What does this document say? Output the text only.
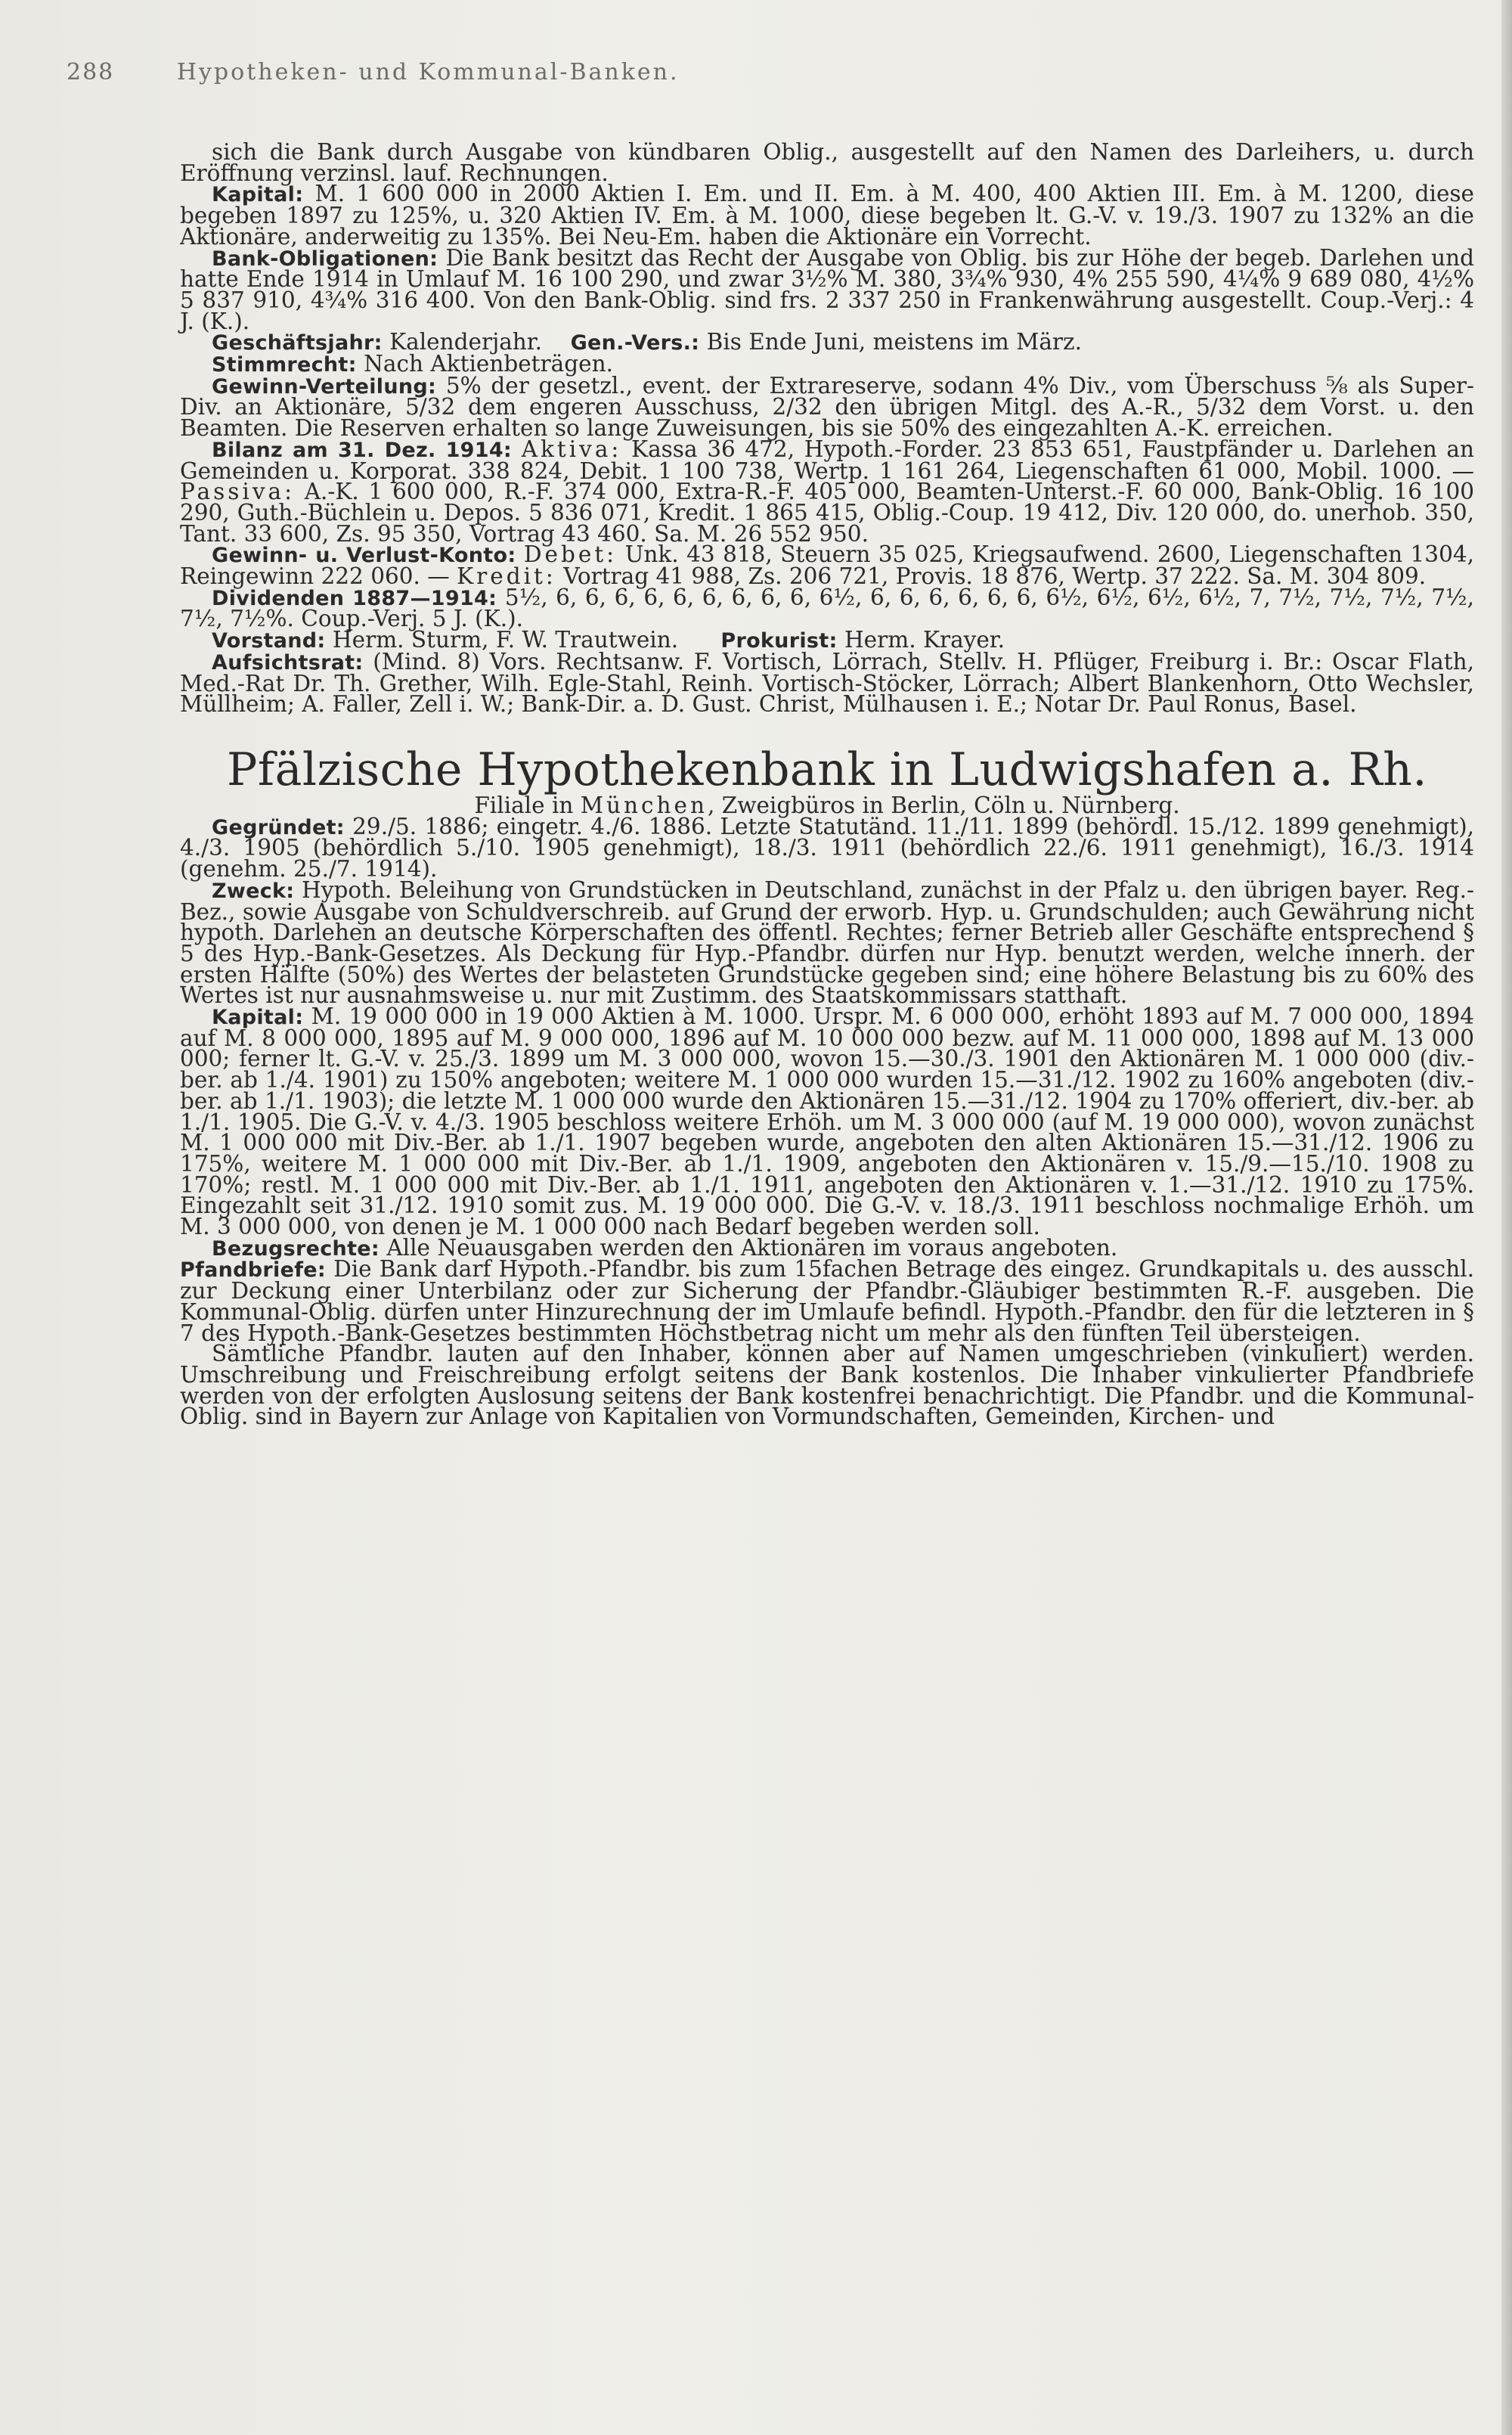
288	Hypotheken- und Kommunal-Banken.

sich die Bank durch Ausgabe von kündbaren Oblig., ausgestellt auf den Namen des Darleihers, u. durch Eröffnung verzinsl. lauf. Rechnungen.

Kapital: M. 1 600 000 in 2000 Aktien I. Em. und II. Em. à M. 400, 400 Aktien III. Em. à M. 1200, diese begeben 1897 zu 125%, u. 320 Aktien IV. Em. à M. 1000, diese begeben lt. G.-V. v. 19./3. 1907 zu 132% an die Aktionäre, anderweitig zu 135%. Bei Neu-Em. haben die Aktionäre ein Vorrecht.

Bank-Obligationen: Die Bank besitzt das Recht der Ausgabe von Oblig. bis zur Höhe der begeb. Darlehen und hatte Ende 1914 in Umlauf M. 16 100 290, und zwar 3½% M. 380, 3¾% 930, 4% 255 590, 4¼% 9 689 080, 4½% 5 837 910, 4¾% 316 400. Von den Bank-Oblig. sind frs. 2 337 250 in Frankenwährung ausgestellt. Coup.-Verj.: 4 J. (K.).

Geschäftsjahr: Kalenderjahr. Gen.-Vers.: Bis Ende Juni, meistens im März.

Stimmrecht: Nach Aktienbeträgen.

Gewinn-Verteilung: 5% der gesetzl., event. der Extrareserve, sodann 4% Div., vom Überschuss ⅝ als Super-Div. an Aktionäre, 5/32 dem engeren Ausschuss, 2/32 den übrigen Mitgl. des A.-R., 5/32 dem Vorst. u. den Beamten. Die Reserven erhalten so lange Zuweisungen, bis sie 50% des eingezahlten A.-K. erreichen.

Bilanz am 31. Dez. 1914: Aktiva: Kassa 36 472, Hypoth.-Forder. 23 853 651, Faustpfänder u. Darlehen an Gemeinden u. Korporat. 338 824, Debit. 1 100 738, Wertp. 1 161 264, Liegenschaften 61 000, Mobil. 1000. — Passiva: A.-K. 1 600 000, R.-F. 374 000, Extra-R.-F. 405 000, Beamten-Unterst.-F. 60 000, Bank-Oblig. 16 100 290, Guth.-Büchlein u. Depos. 5 836 071, Kredit. 1 865 415, Oblig.-Coup. 19 412, Div. 120 000, do. unerhob. 350, Tant. 33 600, Zs. 95 350, Vortrag 43 460. Sa. M. 26 552 950.

Gewinn- u. Verlust-Konto: Debet: Unk. 43 818, Steuern 35 025, Kriegsaufwend. 2600, Liegenschaften 1304, Reingewinn 222 060. — Kredit: Vortrag 41 988, Zs. 206 721, Provis. 18 876, Wertp. 37 222. Sa. M. 304 809.

Dividenden 1887—1914: 5½, 6, 6, 6, 6, 6, 6, 6, 6, 6, 6½, 6, 6, 6, 6, 6, 6, 6½, 6½, 6½, 6½, 7, 7½, 7½, 7½, 7½, 7½, 7½%. Coup.-Verj. 5 J. (K.).

Vorstand: Herm. Sturm, F. W. Trautwein.      Prokurist: Herm. Krayer.

Aufsichtsrat: (Mind. 8) Vors. Rechtsanw. F. Vortisch, Lörrach, Stellv. H. Pflüger, Freiburg i. Br.: Oscar Flath, Med.-Rat Dr. Th. Grether, Wilh. Egle-Stahl, Reinh. Vortisch-Stöcker, Lörrach; Albert Blankenhorn, Otto Wechsler, Müllheim; A. Faller, Zell i. W.; Bank-Dir. a. D. Gust. Christ, Mülhausen i. E.; Notar Dr. Paul Ronus, Basel.

Pfälzische Hypothekenbank in Ludwigshafen a. Rh.

Filiale in München, Zweigbüros in Berlin, Cöln u. Nürnberg.

Gegründet: 29./5. 1886; eingetr. 4./6. 1886. Letzte Statutänd. 11./11. 1899 (behördl. 15./12. 1899 genehmigt), 4./3. 1905 (behördlich 5./10. 1905 genehmigt), 18./3. 1911 (behördlich 22./6. 1911 genehmigt), 16./3. 1914 (genehm. 25./7. 1914).

Zweck: Hypoth. Beleihung von Grundstücken in Deutschland, zunächst in der Pfalz u. den übrigen bayer. Reg.-Bez., sowie Ausgabe von Schuldverschreib. auf Grund der erworb. Hyp. u. Grundschulden; auch Gewährung nicht hypoth. Darlehen an deutsche Körperschaften des öffentl. Rechtes; ferner Betrieb aller Geschäfte entsprechend § 5 des Hyp.-Bank-Gesetzes. Als Deckung für Hyp.-Pfandbr. dürfen nur Hyp. benutzt werden, welche innerh. der ersten Hälfte (50%) des Wertes der belasteten Grundstücke gegeben sind; eine höhere Belastung bis zu 60% des Wertes ist nur ausnahmsweise u. nur mit Zustimm. des Staatskommissars statthaft.

Kapital: M. 19 000 000 in 19 000 Aktien à M. 1000. Urspr. M. 6 000 000, erhöht 1893 auf M. 7 000 000, 1894 auf M. 8 000 000, 1895 auf M. 9 000 000, 1896 auf M. 10 000 000 bezw. auf M. 11 000 000, 1898 auf M. 13 000 000; ferner lt. G.-V. v. 25./3. 1899 um M. 3 000 000, wovon 15.—30./3. 1901 den Aktionären M. 1 000 000 (div.-ber. ab 1./4. 1901) zu 150% angeboten; weitere M. 1 000 000 wurden 15.—31./12. 1902 zu 160% angeboten (div.-ber. ab 1./1. 1903); die letzte M. 1 000 000 wurde den Aktionären 15.—31./12. 1904 zu 170% offeriert, div.-ber. ab 1./1. 1905. Die G.-V. v. 4./3. 1905 beschloss weitere Erhöh. um M. 3 000 000 (auf M. 19 000 000), wovon zunächst M. 1 000 000 mit Div.-Ber. ab 1./1. 1907 begeben wurde, angeboten den alten Aktionären 15.—31./12. 1906 zu 175%, weitere M. 1 000 000 mit Div.-Ber. ab 1./1. 1909, angeboten den Aktionären v. 15./9.—15./10. 1908 zu 170%; restl. M. 1 000 000 mit Div.-Ber. ab 1./1. 1911, angeboten den Aktionären v. 1.—31./12. 1910 zu 175%. Eingezahlt seit 31./12. 1910 somit zus. M. 19 000 000. Die G.-V. v. 18./3. 1911 beschloss nochmalige Erhöh. um M. 3 000 000, von denen je M. 1 000 000 nach Bedarf begeben werden soll.

Bezugsrechte: Alle Neuausgaben werden den Aktionären im voraus angeboten.

Pfandbriefe: Die Bank darf Hypoth.-Pfandbr. bis zum 15fachen Betrage des eingez. Grundkapitals u. des ausschl. zur Deckung einer Unterbilanz oder zur Sicherung der Pfandbr.-Gläubiger bestimmten R.-F. ausgeben. Die Kommunal-Oblig. dürfen unter Hinzurechnung der im Umlaufe befindl. Hypoth.-Pfandbr. den für die letzteren in § 7 des Hypoth.-Bank-Gesetzes bestimmten Höchstbetrag nicht um mehr als den fünften Teil übersteigen.

Sämtliche Pfandbr. lauten auf den Inhaber, können aber auf Namen umgeschrieben (vinkuliert) werden. Umschreibung und Freischreibung erfolgt seitens der Bank kostenlos. Die Inhaber vinkulierter Pfandbriefe werden von der erfolgten Auslosung seitens der Bank kostenfrei benachrichtigt. Die Pfandbr. und die Kommunal-Oblig. sind in Bayern zur Anlage von Kapitalien von Vormundschaften, Gemeinden, Kirchen- und
